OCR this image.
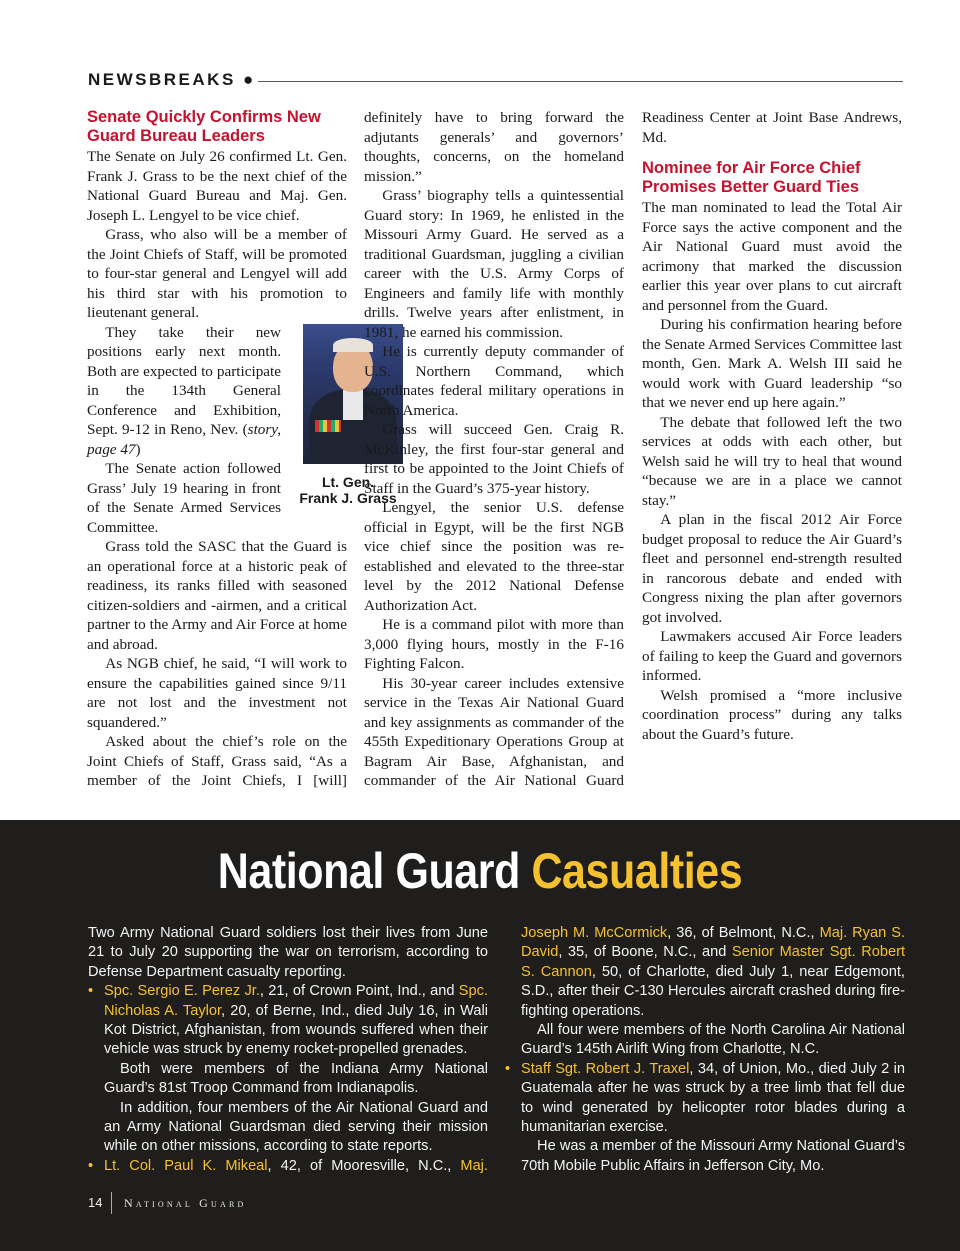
NEWSBREAKS ●
Senate Quickly Confirms New Guard Bureau Leaders

The Senate on July 26 confirmed Lt. Gen. Frank J. Grass to be the next chief of the National Guard Bureau and Maj. Gen. Joseph L. Lengyel to be vice chief.

Grass, who also will be a member of the Joint Chiefs of Staff, will be promoted to four-star general and Lengyel will add his third star with his promotion to lieutenant general.

Lt. Gen.
Frank J. Grass

They take their new positions early next month. Both are expected to participate in the 134th General Conference and Exhibition, Sept. 9-12 in Reno, Nev. (story, page 47)

The Senate action followed Grass’ July 19 hearing in front of the Senate Armed Services Committee.

Grass told the SASC that the Guard is an operational force at a historic peak of readiness, its ranks filled with seasoned citizen-soldiers and -airmen, and a critical partner to the Army and Air Force at home and abroad.

As NGB chief, he said, “I will work to ensure the capabilities gained since 9/11 are not lost and the investment not squandered.”

Asked about the chief’s role on the Joint Chiefs of Staff, Grass said, “As a member of the Joint Chiefs, I [will]

definitely have to bring forward the adjutants generals’ and governors’ thoughts, concerns, on the homeland mission.”

Grass’ biography tells a quintessential Guard story: In 1969, he enlisted in the Missouri Army Guard. He served as a traditional Guardsman, juggling a civilian career with the U.S. Army Corps of Engineers and family life with monthly drills. Twelve years after enlistment, in 1981, he earned his commission.

He is currently deputy commander of U.S. Northern Command, which coordinates federal military operations in North America.

Grass will succeed Gen. Craig R. McKinley, the first four-star general and first to be appointed to the Joint Chiefs of Staff in the Guard’s 375-year history.

Lengyel, the senior U.S. defense official in Egypt, will be the first NGB vice chief since the position was re-established and elevated to the three-star level by the 2012 National Defense Authorization Act.

He is a command pilot with more than 3,000 flying hours, mostly in the F-16 Fighting Falcon.

His 30-year career includes extensive service in the Texas Air National Guard and key assignments as commander of the 455th Expeditionary Operations Group at Bagram Air Base, Afghanistan, and commander of the Air National Guard

Readiness Center at Joint Base Andrews, Md.

Nominee for Air Force Chief Promises Better Guard Ties

The man nominated to lead the Total Air Force says the active component and the Air National Guard must avoid the acrimony that marked the discussion earlier this year over plans to cut aircraft and personnel from the Guard.

During his confirmation hearing before the Senate Armed Services Committee last month, Gen. Mark A. Welsh III said he would work with Guard leadership “so that we never end up here again.”

The debate that followed left the two services at odds with each other, but Welsh said he will try to heal that wound “because we are in a place we cannot stay.”

A plan in the fiscal 2012 Air Force budget proposal to reduce the Air Guard’s fleet and personnel end-strength resulted in rancorous debate and ended with Congress nixing the plan after governors got involved.

Lawmakers accused Air Force leaders of failing to keep the Guard and governors informed.

Welsh promised a “more inclusive coordination process” during any talks about the Guard’s future.

National Guard Casualties

Two Army National Guard soldiers lost their lives from June 21 to July 20 supporting the war on terrorism, according to Defense Department casualty reporting.

• Spc. Sergio E. Perez Jr., 21, of Crown Point, Ind., and Spc. Nicholas A. Taylor, 20, of Berne, Ind., died July 16, in Wali Kot District, Afghanistan, from wounds suffered when their vehicle was struck by enemy rocket-propelled grenades.

Both were members of the Indiana Army National Guard’s 81st Troop Command from Indianapolis.

In addition, four members of the Air National Guard and an Army National Guardsman died serving their mission while on other missions, according to state reports.

• Lt. Col. Paul K. Mikeal, 42, of Mooresville, N.C., Maj.

Joseph M. McCormick, 36, of Belmont, N.C., Maj. Ryan S. David, 35, of Boone, N.C., and Senior Master Sgt. Robert S. Cannon, 50, of Charlotte, died July 1, near Edgemont, S.D., after their C-130 Hercules aircraft crashed during fire-fighting operations.

All four were members of the North Carolina Air National Guard’s 145th Airlift Wing from Charlotte, N.C.

• Staff Sgt. Robert J. Traxel, 34, of Union, Mo., died July 2 in Guatemala after he was struck by a tree limb that fell due to wind generated by helicopter rotor blades during a humanitarian exercise.

He was a member of the Missouri Army National Guard’s 70th Mobile Public Affairs in Jefferson City, Mo.

14 National Guard
